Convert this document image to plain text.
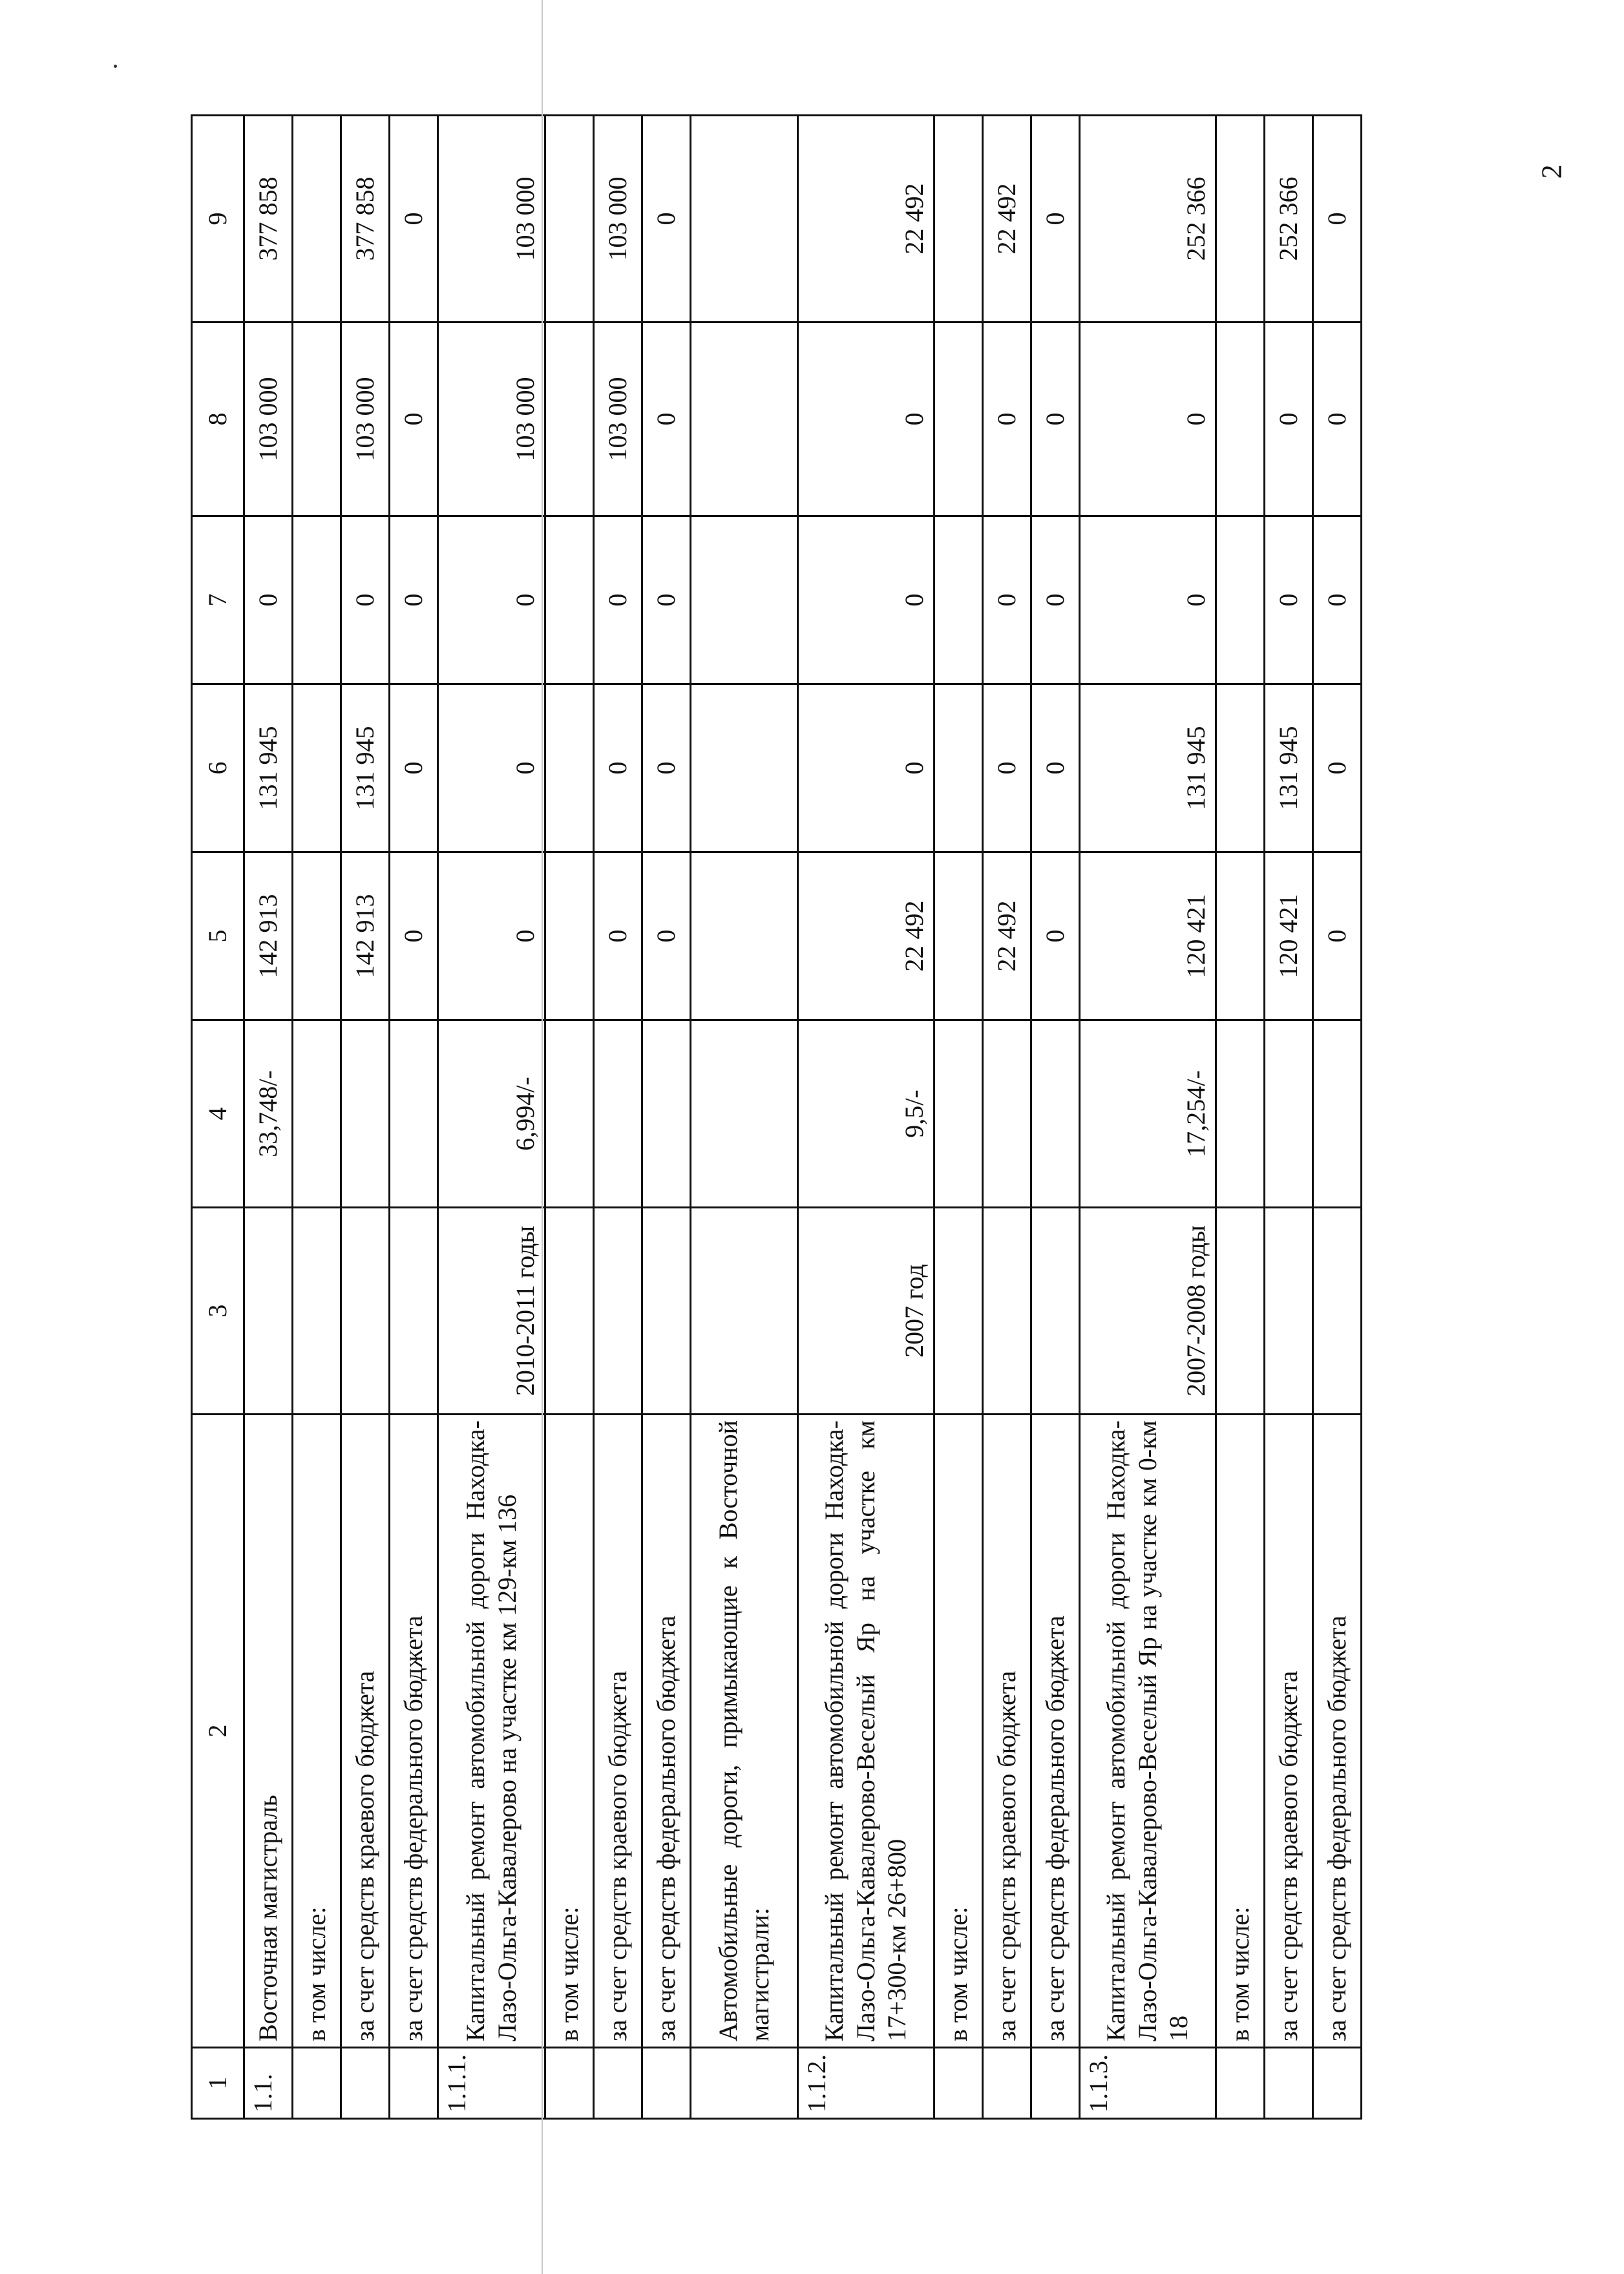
2
1	2	3	4	5	6	7	8	9
1.1.	Восточная магистраль		33,748/-	142 913	131 945	0	103 000	377 858
	в том числе:							
	за счет средств краевого бюджета			142 913	131 945	0	103 000	377 858
	за счет средств федерального бюджета			0	0	0	0	0
1.1.1.	Капитальный ремонт автомобильной дороги Находка-Лазо-Ольга-Кавалерово на участке км 129-км 136	2010-2011 годы	6,994/-	0	0	0	103 000	103 000
	в том числе:							
	за счет средств краевого бюджета			0	0	0	103 000	103 000
	за счет средств федерального бюджета			0	0	0	0	0
	Автомобильные дороги, примыкающие к Восточной магистрали:							
1.1.2.	Капитальный ремонт автомобильной дороги Находка-Лазо-Ольга-Кавалерово-Веселый Яр на участке км 17+300-км 26+800	2007 год	9,5/-	22 492	0	0	0	22 492
	в том числе:							
	за счет средств краевого бюджета			22 492	0	0	0	22 492
	за счет средств федерального бюджета			0	0	0	0	0
1.1.3.	Капитальный ремонт автомобильной дороги Находка-Лазо-Ольга-Кавалерово-Веселый Яр на участке км 0-км 18	2007-2008 годы	17,254/-	120 421	131 945	0	0	252 366
	в том числе:							
	за счет средств краевого бюджета			120 421	131 945	0	0	252 366
	за счет средств федерального бюджета			0	0	0	0	0
